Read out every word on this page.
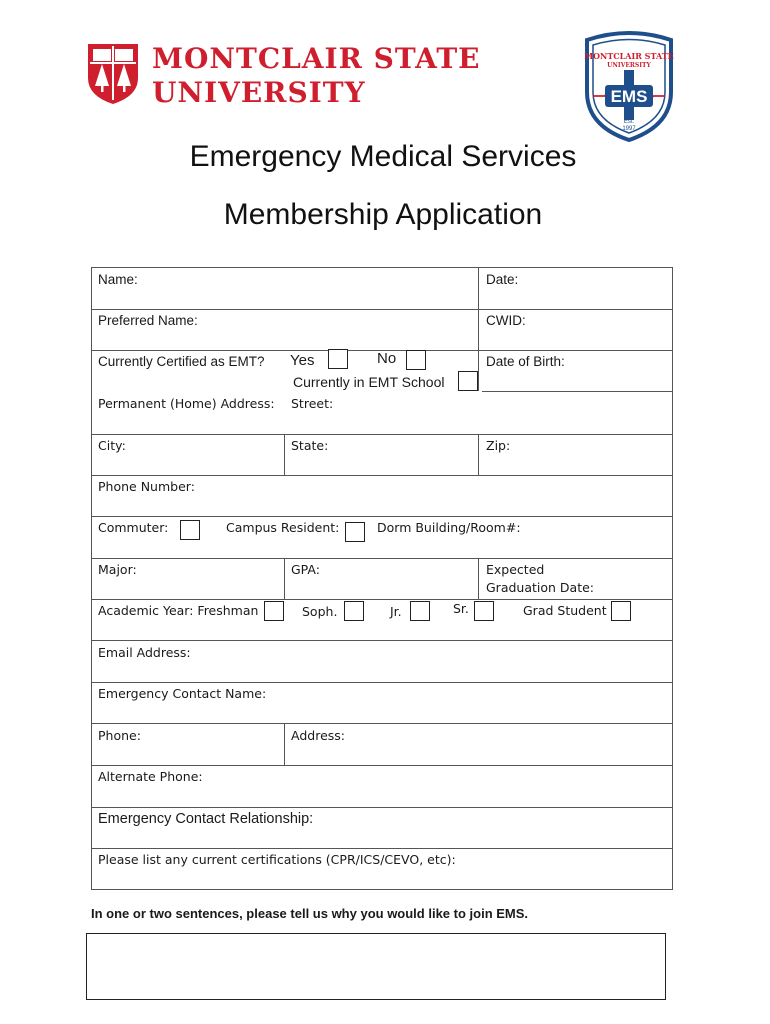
MONTCLAIR STATE
UNIVERSITY
MONTCLAIR STATE
UNIVERSITY
EMS
Est.
1997
Emergency Medical Services
Membership Application
Name:	Date:
Preferred Name:	CWID:
Currently Certified as EMT? Yes	No
Currently in EMT School
Date of Birth:
Permanent (Home) Address: Street:
City:	State:	Zip:
Phone Number:
Commuter:	Campus Resident:	Dorm Building/Room#:
Major:	GPA:	Expected
Graduation Date:
Academic Year: Freshman	Soph.	Jr.	Sr.	Grad Student
Email Address:
Emergency Contact Name:
Phone:	Address:
Alternate Phone:
Emergency Contact Relationship:
Please list any current certifications (CPR/ICS/CEVO, etc):
In one or two sentences, please tell us why you would like to join EMS.
